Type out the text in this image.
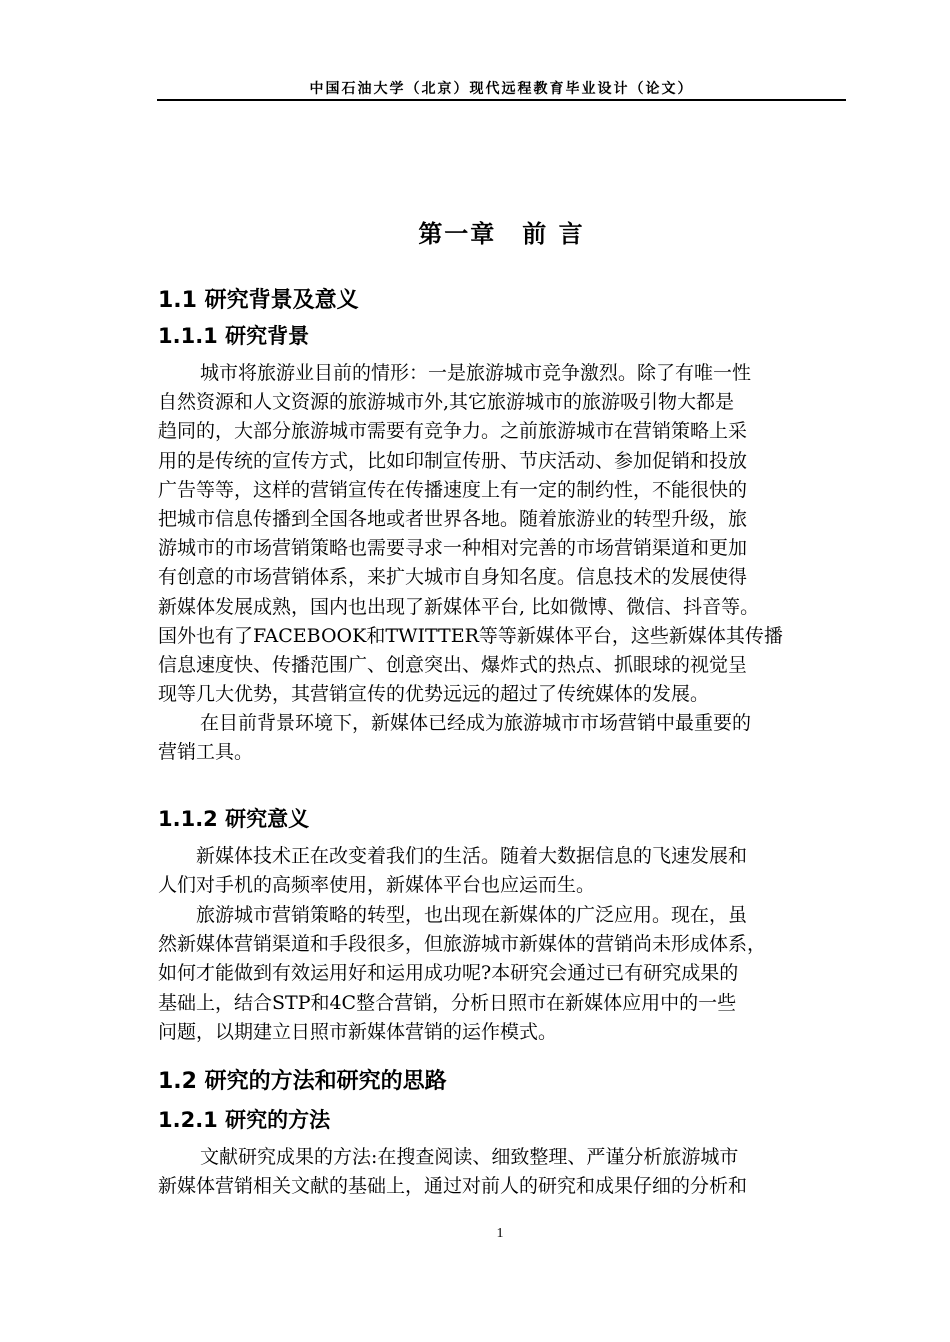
中国石油大学（北京）现代远程教育毕业设计（论文）
第一章　前 言
1.1 研究背景及意义
1.1.1 研究背景
城市将旅游业目前的情形：一是旅游城市竞争激烈。除了有唯一性
自然资源和人文资源的旅游城市外,其它旅游城市的旅游吸引物大都是
趋同的，大部分旅游城市需要有竞争力。之前旅游城市在营销策略上采
用的是传统的宣传方式，比如印制宣传册、节庆活动、参加促销和投放
广告等等，这样的营销宣传在传播速度上有一定的制约性，不能很快的
把城市信息传播到全国各地或者世界各地。随着旅游业的转型升级，旅
游城市的市场营销策略也需要寻求一种相对完善的市场营销渠道和更加
有创意的市场营销体系，来扩大城市自身知名度。信息技术的发展使得
新媒体发展成熟，国内也出现了新媒体平台, 比如微博、微信、抖音等。
国外也有了FACEBOOK和TWITTER等等新媒体平台，这些新媒体其传播
信息速度快、传播范围广、创意突出、爆炸式的热点、抓眼球的视觉呈
现等几大优势，其营销宣传的优势远远的超过了传统媒体的发展。
在目前背景环境下，新媒体已经成为旅游城市市场营销中最重要的
营销工具。
1.1.2 研究意义
新媒体技术正在改变着我们的生活。随着大数据信息的飞速发展和
人们对手机的高频率使用，新媒体平台也应运而生。
旅游城市营销策略的转型，也出现在新媒体的广泛应用。现在，虽
然新媒体营销渠道和手段很多，但旅游城市新媒体的营销尚未形成体系，
如何才能做到有效运用好和运用成功呢?本研究会通过已有研究成果的
基础上，结合STP和4C整合营销，分析日照市在新媒体应用中的一些
问题，以期建立日照市新媒体营销的运作模式。
1.2 研究的方法和研究的思路
1.2.1 研究的方法
文献研究成果的方法:在搜查阅读、细致整理、严谨分析旅游城市
新媒体营销相关文献的基础上，通过对前人的研究和成果仔细的分析和
1
